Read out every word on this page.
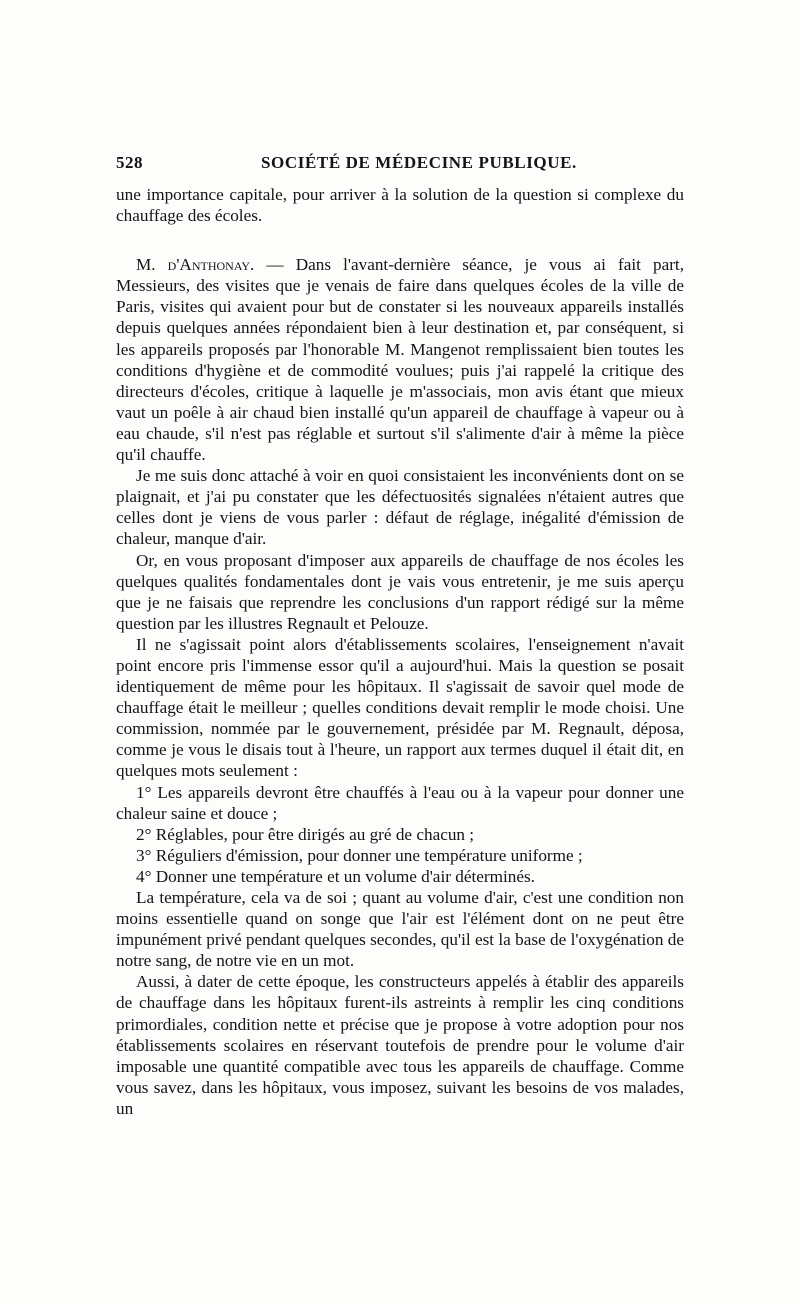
528	SOCIÉTÉ DE MÉDECINE PUBLIQUE.

une importance capitale, pour arriver à la solution de la question si complexe du chauffage des écoles.

M. d'Anthonay. — Dans l'avant-dernière séance, je vous ai fait part, Messieurs, des visites que je venais de faire dans quelques écoles de la ville de Paris, visites qui avaient pour but de constater si les nouveaux appareils installés depuis quelques années répondaient bien à leur destination et, par conséquent, si les appareils proposés par l'honorable M. Mangenot remplissaient bien toutes les conditions d'hygiène et de commodité voulues; puis j'ai rappelé la critique des directeurs d'écoles, critique à laquelle je m'associais, mon avis étant que mieux vaut un poêle à air chaud bien installé qu'un appareil de chauffage à vapeur ou à eau chaude, s'il n'est pas réglable et surtout s'il s'alimente d'air à même la pièce qu'il chauffe.

Je me suis donc attaché à voir en quoi consistaient les inconvénients dont on se plaignait, et j'ai pu constater que les défectuosités signalées n'étaient autres que celles dont je viens de vous parler : défaut de réglage, inégalité d'émission de chaleur, manque d'air.

Or, en vous proposant d'imposer aux appareils de chauffage de nos écoles les quelques qualités fondamentales dont je vais vous entretenir, je me suis aperçu que je ne faisais que reprendre les conclusions d'un rapport rédigé sur la même question par les illustres Regnault et Pelouze.

Il ne s'agissait point alors d'établissements scolaires, l'enseignement n'avait point encore pris l'immense essor qu'il a aujourd'hui. Mais la question se posait identiquement de même pour les hôpitaux. Il s'agissait de savoir quel mode de chauffage était le meilleur ; quelles conditions devait remplir le mode choisi. Une commission, nommée par le gouvernement, présidée par M. Regnault, déposa, comme je vous le disais tout à l'heure, un rapport aux termes duquel il était dit, en quelques mots seulement :

1° Les appareils devront être chauffés à l'eau ou à la vapeur pour donner une chaleur saine et douce ;

2° Réglables, pour être dirigés au gré de chacun ;

3° Réguliers d'émission, pour donner une température uniforme ;

4° Donner une température et un volume d'air déterminés.

La température, cela va de soi ; quant au volume d'air, c'est une condition non moins essentielle quand on songe que l'air est l'élément dont on ne peut être impunément privé pendant quelques secondes, qu'il est la base de l'oxygénation de notre sang, de notre vie en un mot.

Aussi, à dater de cette époque, les constructeurs appelés à établir des appareils de chauffage dans les hôpitaux furent-ils astreints à remplir les cinq conditions primordiales, condition nette et précise que je propose à votre adoption pour nos établissements scolaires en réservant toutefois de prendre pour le volume d'air imposable une quantité compatible avec tous les appareils de chauffage. Comme vous savez, dans les hôpitaux, vous imposez, suivant les besoins de vos malades, un
